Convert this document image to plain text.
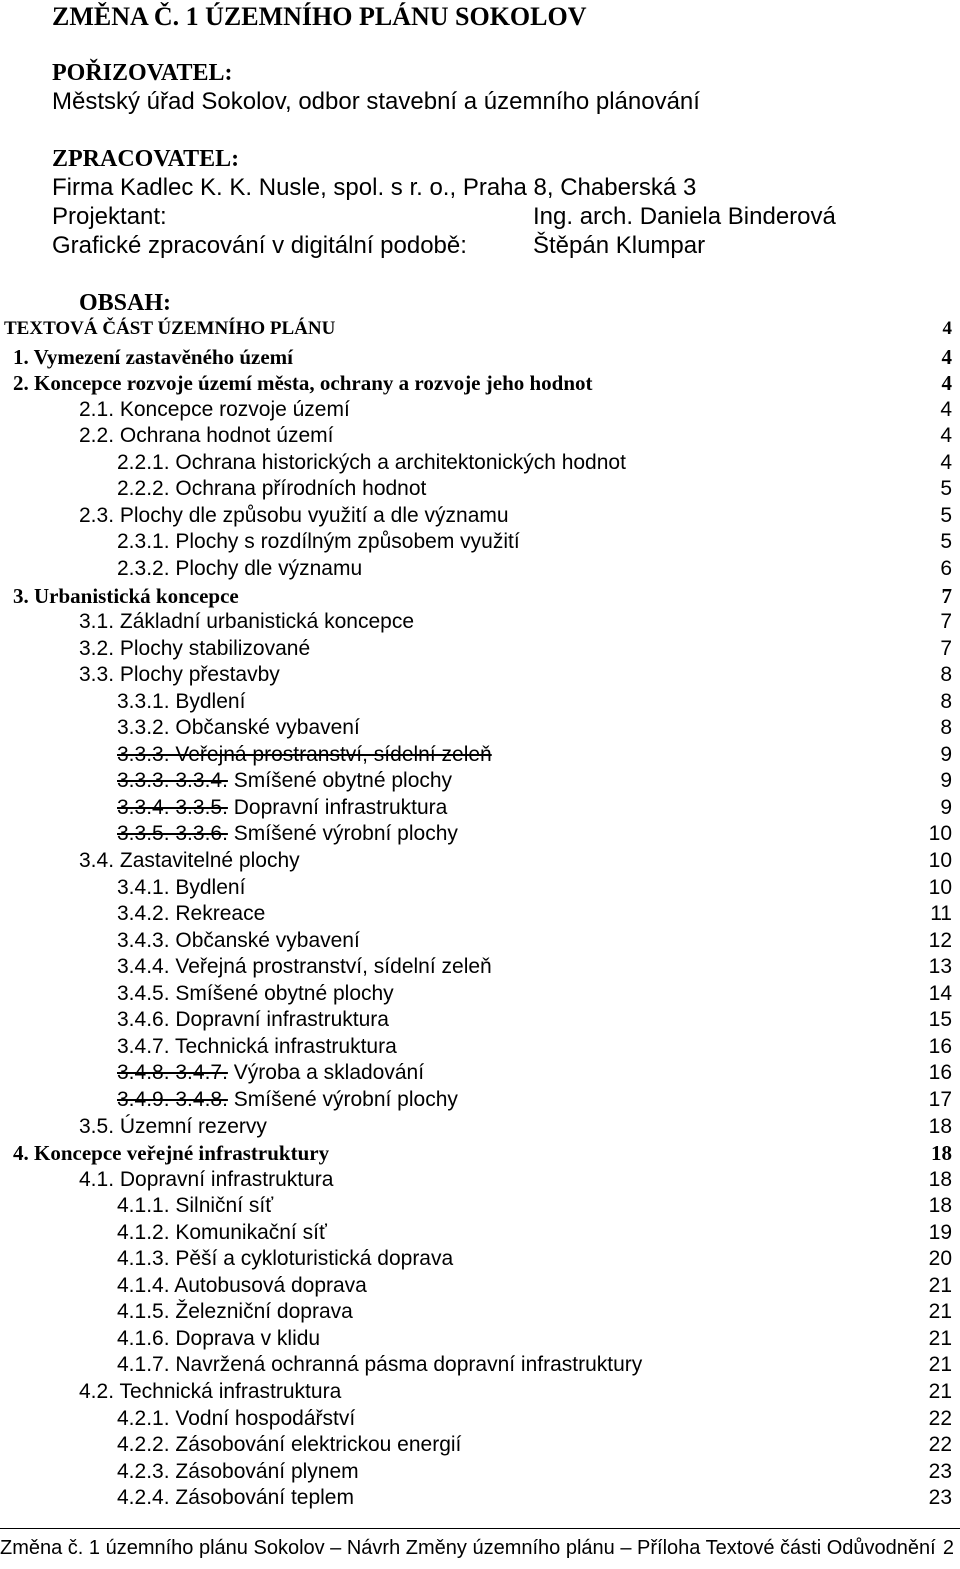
ZMĚNA Č. 1 ÚZEMNÍHO PLÁNU SOKOLOV
POŘIZOVATEL:
Městský úřad Sokolov, odbor stavební a územního plánování
ZPRACOVATEL:
Firma Kadlec K. K. Nusle, spol. s r. o., Praha 8, Chaberská 3
Projektant:	Ing. arch. Daniela Binderová
Grafické zpracování v digitální podobě:	Štěpán Klumpar
OBSAH:
TEXTOVÁ ČÁST ÚZEMNÍHO PLÁNU	4
1. Vymezení zastavěného území	4
2. Koncepce rozvoje území města, ochrany a rozvoje jeho hodnot	4
2.1. Koncepce rozvoje území	4
2.2. Ochrana hodnot území	4
2.2.1. Ochrana historických a architektonických hodnot	4
2.2.2. Ochrana přírodních hodnot	5
2.3. Plochy dle způsobu využití a dle významu	5
2.3.1. Plochy s rozdílným způsobem využití	5
2.3.2. Plochy dle významu	6
3. Urbanistická koncepce	7
3.1. Základní urbanistická koncepce	7
3.2. Plochy stabilizované	7
3.3. Plochy přestavby	8
3.3.1. Bydlení	8
3.3.2. Občanské vybavení	8
3.3.3. Veřejná prostranství, sídelní zeleň	9
3.3.3. 3.3.4. Smíšené obytné plochy	9
3.3.4. 3.3.5. Dopravní infrastruktura	9
3.3.5. 3.3.6. Smíšené výrobní plochy	10
3.4. Zastavitelné plochy	10
3.4.1. Bydlení	10
3.4.2. Rekreace	11
3.4.3. Občanské vybavení	12
3.4.4. Veřejná prostranství, sídelní zeleň	13
3.4.5. Smíšené obytné plochy	14
3.4.6. Dopravní infrastruktura	15
3.4.7. Technická infrastruktura	16
3.4.8. 3.4.7. Výroba a skladování	16
3.4.9. 3.4.8. Smíšené výrobní plochy	17
3.5. Územní rezervy	18
4. Koncepce veřejné infrastruktury	18
4.1. Dopravní infrastruktura	18
4.1.1. Silniční síť	18
4.1.2. Komunikační síť	19
4.1.3. Pěší a cykloturistická doprava	20
4.1.4. Autobusová doprava	21
4.1.5. Železniční doprava	21
4.1.6. Doprava v klidu	21
4.1.7. Navržená ochranná pásma dopravní infrastruktury	21
4.2. Technická infrastruktura	21
4.2.1. Vodní hospodářství	22
4.2.2. Zásobování elektrickou energií	22
4.2.3. Zásobování plynem	23
4.2.4. Zásobování teplem	23
Změna č. 1 územního plánu Sokolov – Návrh Změny územního plánu – Příloha Textové části Odůvodnění 2
